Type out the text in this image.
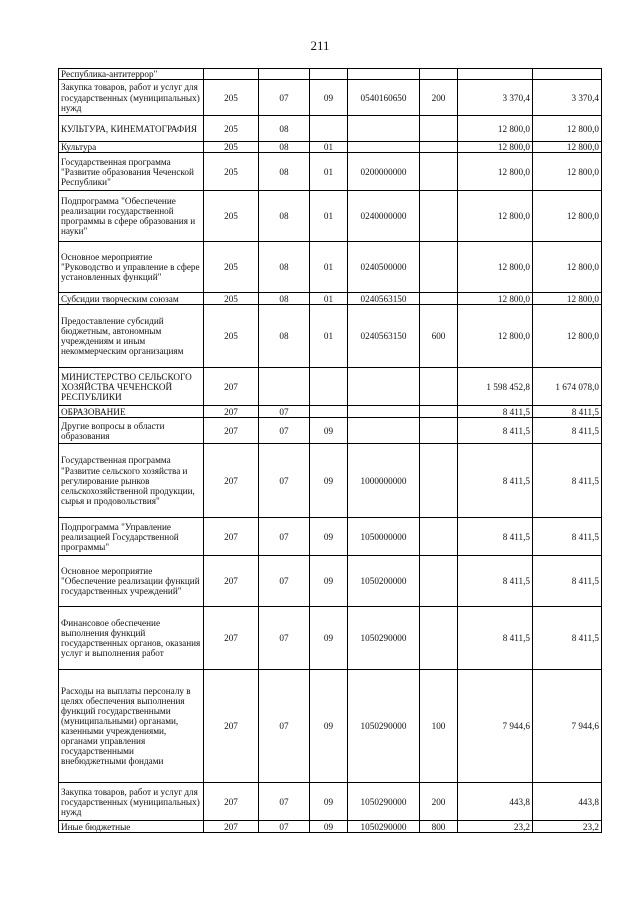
211
Республика-антитеррор"							
Закупка товаров, работ и услуг для государственных (муниципальных) нужд	205	07	09	0540160650	200	3 370,4	3 370,4
КУЛЬТУРА, КИНЕМАТОГРАФИЯ	205	08				12 800,0	12 800,0
Культура	205	08	01			12 800,0	12 800,0
Государственная программа "Развитие образования Чеченской Республики"	205	08	01	0200000000		12 800,0	12 800,0
Подпрограмма "Обеспечение реализации государственной программы в сфере образования и науки"	205	08	01	0240000000		12 800,0	12 800,0
Основное мероприятие "Руководство и управление в сфере установленных функций"	205	08	01	0240500000		12 800,0	12 800,0
Субсидии творческим союзам	205	08	01	0240563150		12 800,0	12 800,0
Предоставление субсидий бюджетным, автономным учреждениям и иным некоммерческим организациям	205	08	01	0240563150	600	12 800,0	12 800,0
МИНИСТЕРСТВО СЕЛЬСКОГО ХОЗЯЙСТВА ЧЕЧЕНСКОЙ РЕСПУБЛИКИ	207					1 598 452,8	1 674 078,0
ОБРАЗОВАНИЕ	207	07				8 411,5	8 411,5
Другие вопросы в области образования	207	07	09			8 411,5	8 411,5
Государственная программа "Развитие сельского хозяйства и регулирование рынков сельскохозяйственной продукции, сырья и продовольствия"	207	07	09	1000000000		8 411,5	8 411,5
Подпрограмма "Управление реализацией Государственной программы"	207	07	09	1050000000		8 411,5	8 411,5
Основное мероприятие "Обеспечение реализации функций государственных учреждений"	207	07	09	1050200000		8 411,5	8 411,5
Финансовое обеспечение выполнения функций государственных органов, оказания услуг и выполнения работ	207	07	09	1050290000		8 411,5	8 411,5
Расходы на выплаты персоналу в целях обеспечения выполнения функций государственными (муниципальными) органами, казенными учреждениями, органами управления государственными внебюджетными фондами	207	07	09	1050290000	100	7 944,6	7 944,6
Закупка товаров, работ и услуг для государственных (муниципальных) нужд	207	07	09	1050290000	200	443,8	443,8
Иные бюджетные	207	07	09	1050290000	800	23,2	23,2
